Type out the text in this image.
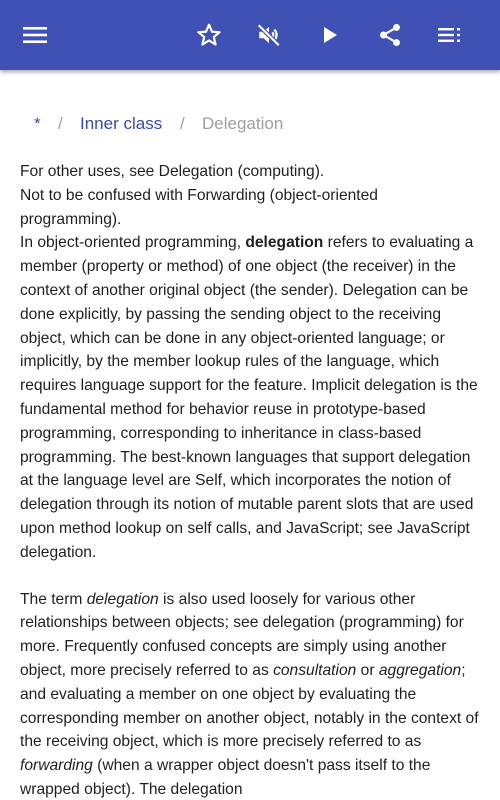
* / Inner class / Delegation

For other uses, see Delegation (computing).

Not to be confused with Forwarding (object-oriented programming).

In object-oriented programming, delegation refers to evaluating a member (property or method) of one object (the receiver) in the context of another original object (the sender). Delegation can be done explicitly, by passing the sending object to the receiving object, which can be done in any object-oriented language; or implicitly, by the member lookup rules of the language, which requires language support for the feature. Implicit delegation is the fundamental method for behavior reuse in prototype-based programming, corresponding to inheritance in class-based programming. The best-known languages that support delegation at the language level are Self, which incorporates the notion of delegation through its notion of mutable parent slots that are used upon method lookup on self calls, and JavaScript; see JavaScript delegation.

The term delegation is also used loosely for various other relationships between objects; see delegation (programming) for more. Frequently confused concepts are simply using another object, more precisely referred to as consultation or aggregation; and evaluating a member on one object by evaluating the corresponding member on another object, notably in the context of the receiving object, which is more precisely referred to as forwarding (when a wrapper object doesn't pass itself to the wrapped object). The delegation
